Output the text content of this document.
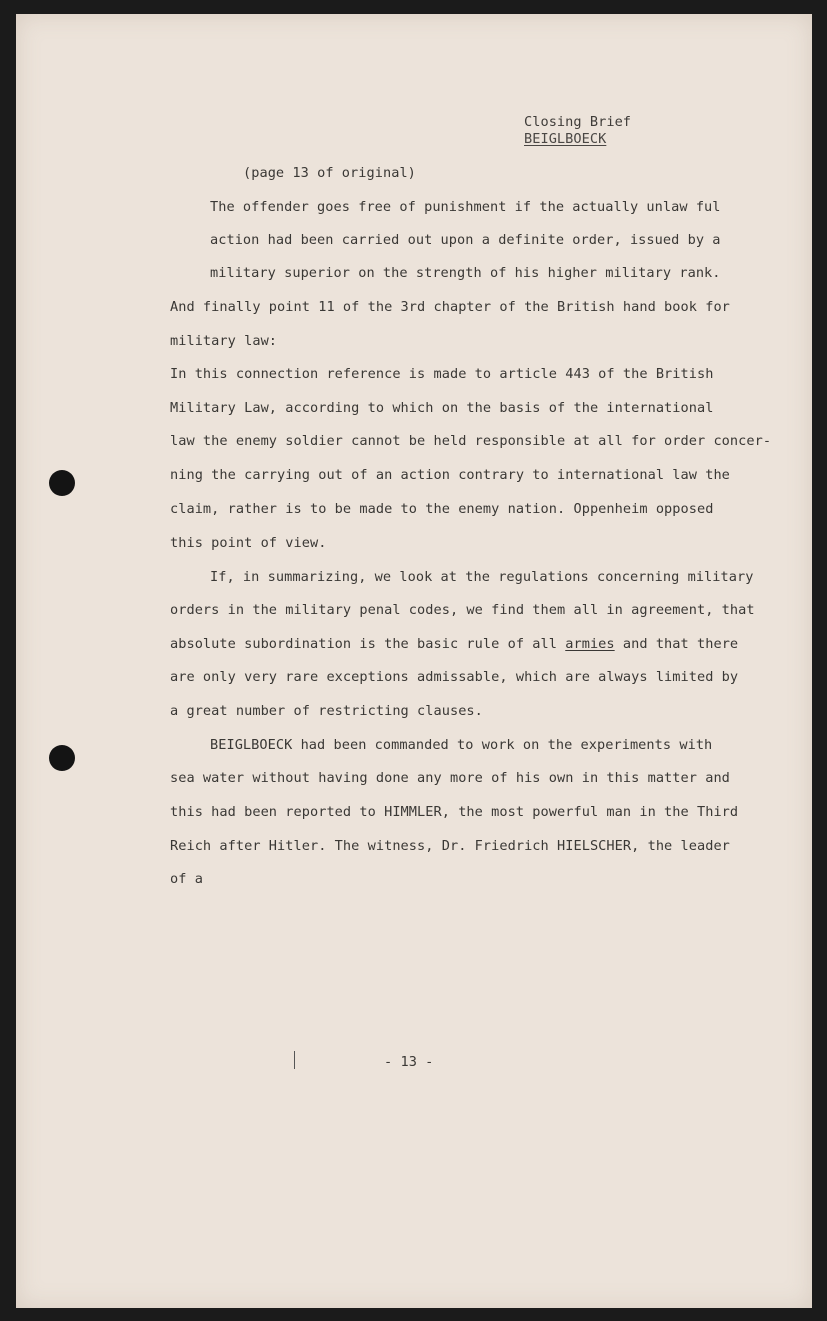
Closing Brief
BEIGLBOECK
(page 13 of original)
The offender goes free of punishment if the actually unlaw ful
action had been carried out upon a definite order, issued by a
military superior on the strength of his higher military rank.
And finally point 11 of the 3rd chapter of the British hand book for
military law:
In this connection reference is made to article 443 of the British
Military Law, according to which on the basis of the international
law the enemy soldier cannot be held responsible at all for order concer-
ning the carrying out of an action contrary to international law the
claim, rather is to be made to the enemy nation. Oppenheim opposed
this point of view.
If, in summarizing, we look at the regulations concerning military
orders in the military penal codes, we find them all in agreement, that
absolute subordination is the basic rule of all armies and that there
are only very rare exceptions admissable, which are always limited by
a great number of restricting clauses.
BEIGLBOECK had been commanded to work on the experiments with
sea water without having done any more of his own in this matter and
this had been reported to HIMMLER, the most powerful man in the Third
Reich after Hitler. The witness, Dr. Friedrich HIELSCHER, the leader
of a
- 13 -
